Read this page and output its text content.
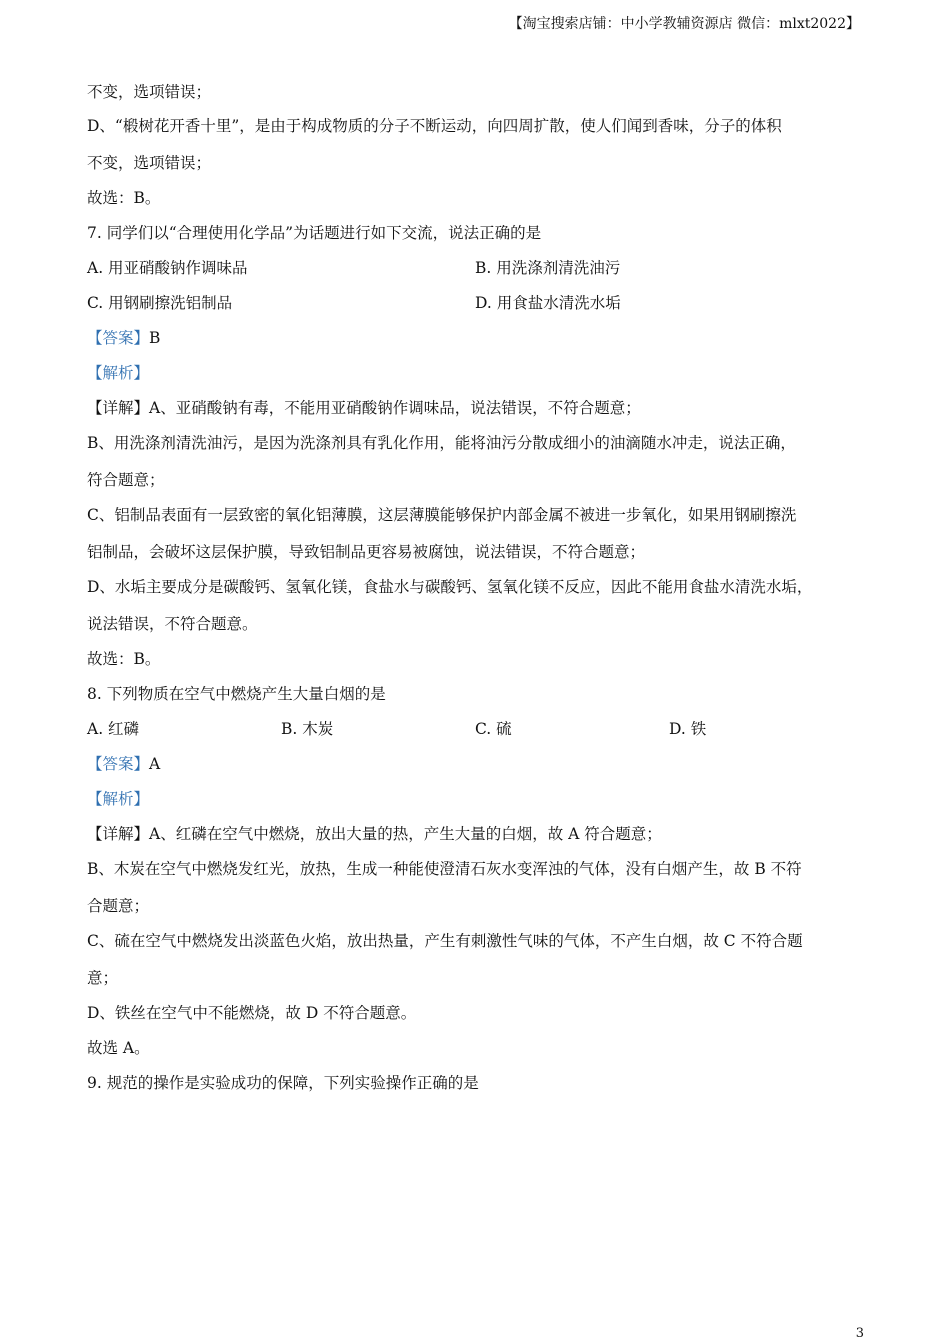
【淘宝搜索店铺：中小学教辅资源店 微信：mlxt2022】
不变，选项错误；
D、“椴树花开香十里”，是由于构成物质的分子不断运动，向四周扩散，使人们闻到香味，分子的体积
不变，选项错误；
故选：B。
7. 同学们以“合理使用化学品”为话题进行如下交流，说法正确的是
A. 用亚硝酸钠作调味品	B. 用洗涤剂清洗油污
C. 用钢刷擦洗铝制品	D. 用食盐水清洗水垢
【答案】B
【解析】
【详解】A、亚硝酸钠有毒，不能用亚硝酸钠作调味品，说法错误，不符合题意；
B、用洗涤剂清洗油污，是因为洗涤剂具有乳化作用，能将油污分散成细小的油滴随水冲走，说法正确，
符合题意；
C、铝制品表面有一层致密的氧化铝薄膜，这层薄膜能够保护内部金属不被进一步氧化，如果用钢刷擦洗
铝制品，会破坏这层保护膜，导致铝制品更容易被腐蚀，说法错误，不符合题意；
D、水垢主要成分是碳酸钙、氢氧化镁，食盐水与碳酸钙、氢氧化镁不反应，因此不能用食盐水清洗水垢，
说法错误，不符合题意。
故选：B。
8. 下列物质在空气中燃烧产生大量白烟的是
A. 红磷	B. 木炭	C. 硫	D. 铁
【答案】A
【解析】
【详解】A、红磷在空气中燃烧，放出大量的热，产生大量的白烟，故 A 符合题意；
B、木炭在空气中燃烧发红光，放热，生成一种能使澄清石灰水变浑浊的气体，没有白烟产生，故 B 不符
合题意；
C、硫在空气中燃烧发出淡蓝色火焰，放出热量，产生有刺激性气味的气体，不产生白烟，故 C 不符合题
意；
D、铁丝在空气中不能燃烧，故 D 不符合题意。
故选 A。
9. 规范的操作是实验成功的保障，下列实验操作正确的是
3
